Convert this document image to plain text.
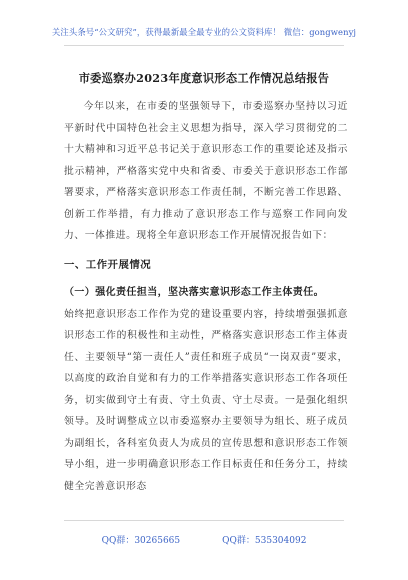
关注头条号“公文研究”，获得最新最全最专业的公文资料库！ 微信：gongwenyj
市委巡察办2023年度意识形态工作情况总结报告

今年以来，在市委的坚强领导下，市委巡察办坚持以习近平新时代中国特色社会主义思想为指导，深入学习贯彻党的二十大精神和习近平总书记关于意识形态工作的重要论述及指示批示精神，严格落实党中央和省委、市委关于意识形态工作部署要求，严格落实意识形态工作责任制，不断完善工作思路、创新工作举措，有力推动了意识形态工作与巡察工作同向发力、一体推进。现将全年意识形态工作开展情况报告如下：

一、工作开展情况
（一）强化责任担当，坚决落实意识形态工作主体责任。

始终把意识形态工作作为党的建设重要内容，持续增强强抓意识形态工作的积极性和主动性，严格落实意识形态工作主体责任、主要领导“第一责任人”责任和班子成员“一岗双责”要求，以高度的政治自觉和有力的工作举措落实意识形态工作各项任务，切实做到守土有责、守土负责、守土尽责。一是强化组织领导。及时调整成立以市委巡察办主要领导为组长、班子成员为副组长，各科室负责人为成员的宣传思想和意识形态工作领导小组，进一步明确意识形态工作目标责任和任务分工，持续健全完善意识形态

QQ群：30265665	QQ群：535304092
